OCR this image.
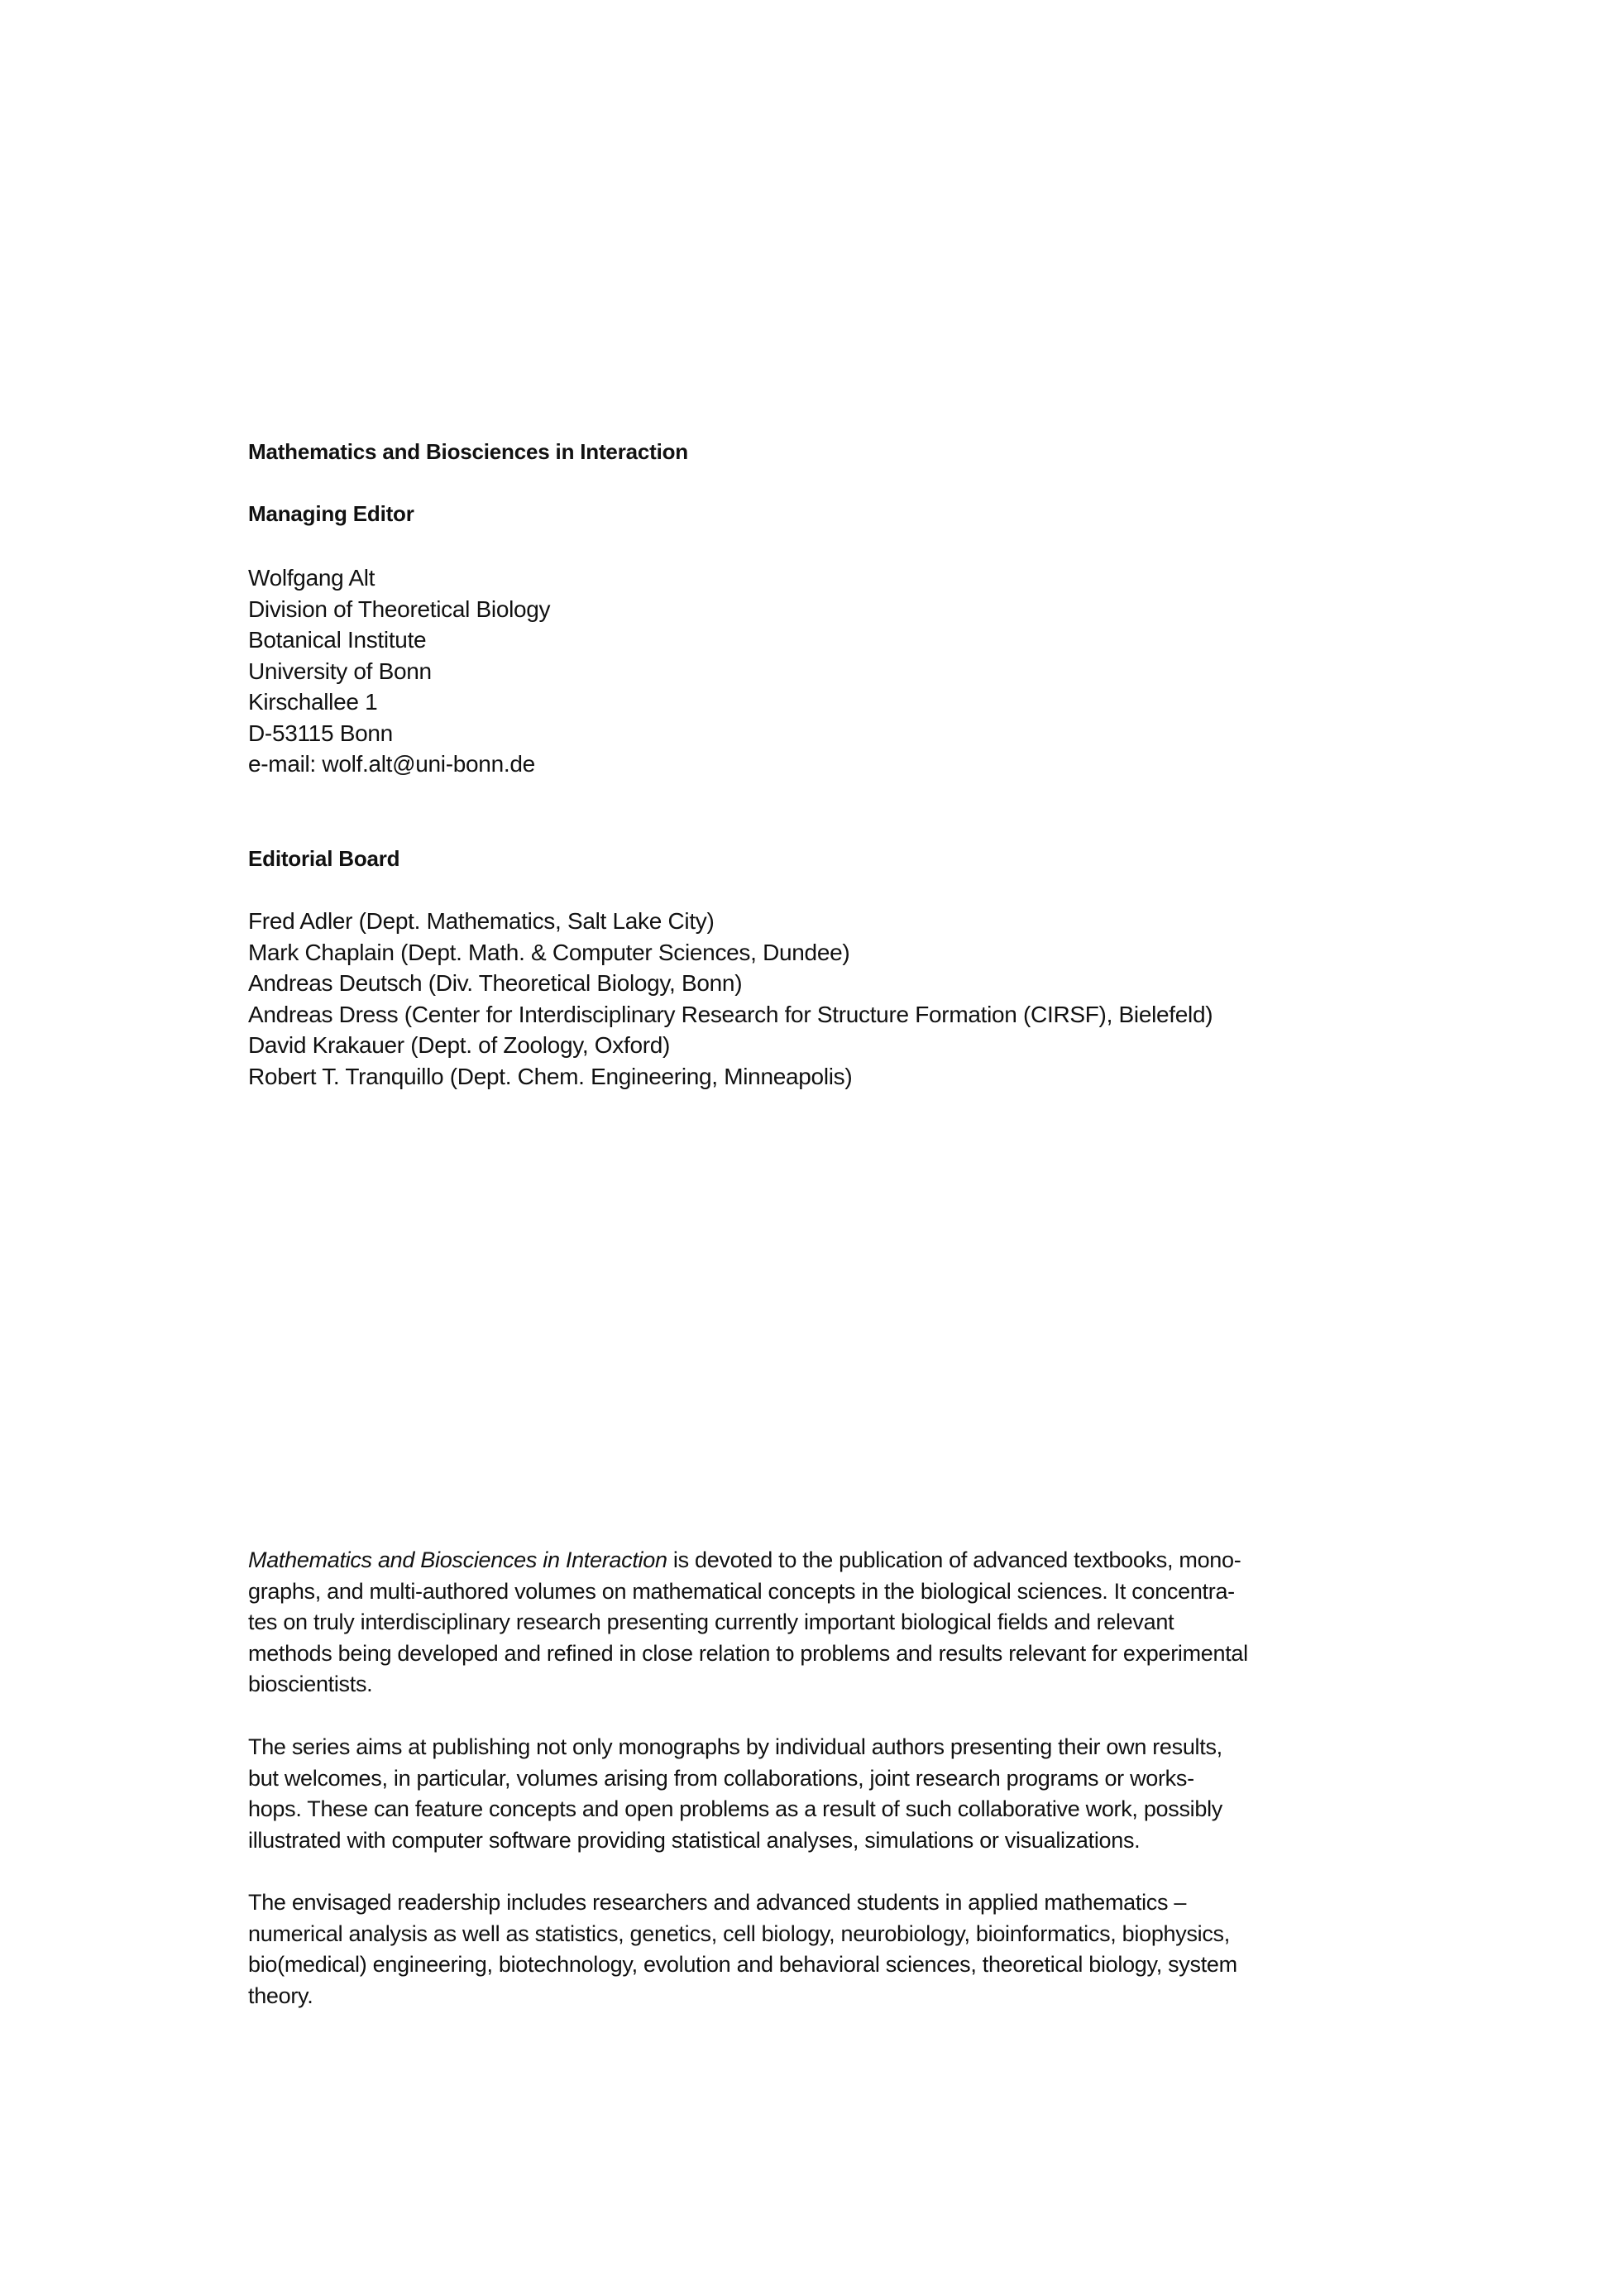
Mathematics and Biosciences in Interaction
Managing Editor
Wolfgang Alt
Division of Theoretical Biology
Botanical Institute
University of Bonn
Kirschallee 1
D-53115 Bonn
e-mail: wolf.alt@uni-bonn.de
Editorial Board
Fred Adler (Dept. Mathematics, Salt Lake City)
Mark Chaplain (Dept. Math. & Computer Sciences, Dundee)
Andreas Deutsch (Div. Theoretical Biology, Bonn)
Andreas Dress (Center for Interdisciplinary Research for Structure Formation (CIRSF), Bielefeld)
David Krakauer (Dept. of Zoology, Oxford)
Robert T. Tranquillo (Dept. Chem. Engineering, Minneapolis)
Mathematics and Biosciences in Interaction is devoted to the publication of advanced textbooks, mono-
graphs, and multi-authored volumes on mathematical concepts in the biological sciences. It concentra-
tes on truly interdisciplinary research presenting currently important biological fields and relevant
methods being developed and refined in close relation to problems and results relevant for experimental
bioscientists.
The series aims at publishing not only monographs by individual authors presenting their own results,
but welcomes, in particular, volumes arising from collaborations, joint research programs or works-
hops. These can feature concepts and open problems as a result of such collaborative work, possibly
illustrated with computer software providing statistical analyses, simulations or visualizations.
The envisaged readership includes researchers and advanced students in applied mathematics –
numerical analysis as well as statistics, genetics, cell biology, neurobiology, bioinformatics, biophysics,
bio(medical) engineering, biotechnology, evolution and behavioral sciences, theoretical biology, system
theory.
